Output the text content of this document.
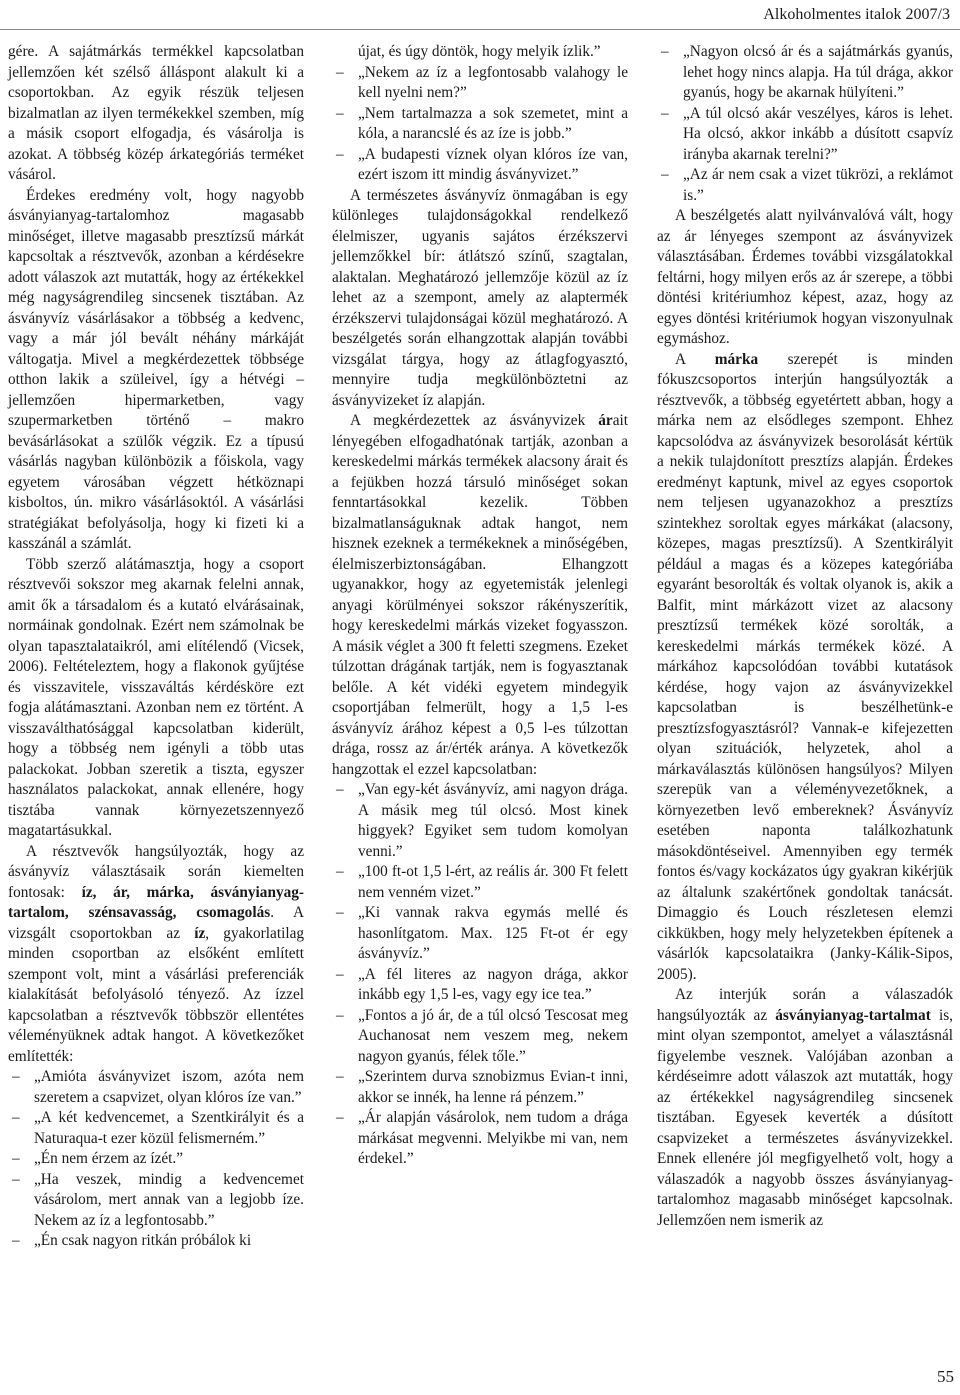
Alkoholmentes italok 2007/3

gére. A sajátmárkás termékkel kapcsolatban jellemzően két szélső álláspont alakult ki a csoportokban. Az egyik részük teljesen bizalmatlan az ilyen termékekkel szemben, míg a másik csoport elfogadja, és vásárolja is azokat. A többség közép árkategóriás terméket vásárol.

Érdekes eredmény volt, hogy nagyobb ásványianyag-tartalomhoz magasabb minőséget, illetve magasabb presztízsű márkát kapcsoltak a résztvevők, azonban a kérdésekre adott válaszok azt mutatták, hogy az értékekkel még nagyságrendileg sincsenek tisztában. Az ásványvíz vásárlásakor a többség a kedvenc, vagy a már jól bevált néhány márkáját váltogatja. Mivel a megkérdezettek többsége otthon lakik a szüleivel, így a hétvégi – jellemzően hipermarketben, vagy szupermarketben történő – makro bevásárlásokat a szülők végzik. Ez a típusú vásárlás nagyban különbözik a főiskola, vagy egyetem városában végzett hétköznapi kisboltos, ún. mikro vásárlásoktól. A vásárlási stratégiákat befolyásolja, hogy ki fizeti ki a kasszánál a számlát.

Több szerző alátámasztja, hogy a csoport résztvevői sokszor meg akarnak felelni annak, amit ők a társadalom és a kutató elvárásainak, normáinak gondolnak. Ezért nem számolnak be olyan tapasztalataikról, ami elítélendő (Vicsek, 2006). Feltételeztem, hogy a flakonok gyűjtése és visszavitele, visszaváltás kérdésköre ezt fogja alátámasztani. Azonban nem ez történt. A visszaválthatósággal kapcsolatban kiderült, hogy a többség nem igényli a több utas palackokat. Jobban szeretik a tiszta, egyszer használatos palackokat, annak ellenére, hogy tisztába vannak környezetszennyező magatartásukkal.

A résztvevők hangsúlyozták, hogy az ásványvíz választásaik során kiemelten fontosak: íz, ár, márka, ásványianyag-tartalom, szénsavasság, csomagolás. A vizsgált csoportokban az íz, gyakorlatilag minden csoportban az elsőként említett szempont volt, mint a vásárlási preferenciák kialakítását befolyásoló tényező. Az ízzel kapcsolatban a résztvevők többször ellentétes véleményüknek adtak hangot. A következőket említették:

– „Amióta ásványvizet iszom, azóta nem szeretem a csapvizet, olyan klóros íze van.”
– „A két kedvencemet, a Szentkirályit és a Naturaqua-t ezer közül felismerném.”
– „Én nem érzem az ízét.”
– „Ha veszek, mindig a kedvencemet vásárolom, mert annak van a legjobb íze. Nekem az íz a legfontosabb.”
– „Én csak nagyon ritkán próbálok ki

újat, és úgy döntök, hogy melyik ízlik.”

– „Nekem az íz a legfontosabb valahogy le kell nyelni nem?”
– „Nem tartalmazza a sok szemetet, mint a kóla, a narancslé és az íze is jobb.”
– „A budapesti víznek olyan klóros íze van, ezért iszom itt mindig ásványvizet.”

A természetes ásványvíz önmagában is egy különleges tulajdonságokkal rendelkező élelmiszer, ugyanis sajátos érzékszervi jellemzőkkel bír: átlátszó színű, szagtalan, alaktalan. Meghatározó jellemzője közül az íz lehet az a szempont, amely az alaptermék érzékszervi tulajdonságai közül meghatározó. A beszélgetés során elhangzottak alapján további vizsgálat tárgya, hogy az átlagfogyasztó, mennyire tudja megkülönböztetni az ásványvizeket íz alapján.

A megkérdezettek az ásványvizek árait lényegében elfogadhatónak tartják, azonban a kereskedelmi márkás termékek alacsony árait és a fejükben hozzá társuló minőséget sokan fenntartásokkal kezelik. Többen bizalmatlanságuknak adtak hangot, nem hisznek ezeknek a termékeknek a minőségében, élelmiszerbiztonságában. Elhangzott ugyanakkor, hogy az egyetemisták jelenlegi anyagi körülményei sokszor rákényszerítik, hogy kereskedelmi márkás vizeket fogyasszon. A másik véglet a 300 ft feletti szegmens. Ezeket túlzottan drágának tartják, nem is fogyasztanak belőle. A két vidéki egyetem mindegyik csoportjában felmerült, hogy a 1,5 l-es ásványvíz árához képest a 0,5 l-es túlzottan drága, rossz az ár/érték aránya. A következők hangzottak el ezzel kapcsolatban:

– „Van egy-két ásványvíz, ami nagyon drága. A másik meg túl olcsó. Most kinek higgyek? Egyiket sem tudom komolyan venni.”
– „100 ft-ot 1,5 l-ért, az reális ár. 300 Ft felett nem venném vizet.”
– „Ki vannak rakva egymás mellé és hasonlítgatom. Max. 125 Ft-ot ér egy ásványvíz.”
– „A fél literes az nagyon drága, akkor inkább egy 1,5 l-es, vagy egy ice tea.”
– „Fontos a jó ár, de a túl olcsó Tescosat meg Auchanosat nem veszem meg, nekem nagyon gyanús, félek tőle.”
– „Szerintem durva sznobizmus Evian-t inni, akkor se innék, ha lenne rá pénzem.”
– „Ár alapján vásárolok, nem tudom a drága márkásat megvenni. Melyikbe mi van, nem érdekel.”
– „Nagyon olcsó ár és a sajátmárkás gyanús, lehet hogy nincs alapja. Ha túl drága, akkor gyanús, hogy be akarnak hülyíteni.”
– „A túl olcsó akár veszélyes, káros is lehet. Ha olcsó, akkor inkább a dúsított csapvíz irányba akarnak terelni?”
– „Az ár nem csak a vizet tükrözi, a reklámot is.”

A beszélgetés alatt nyilvánvalóvá vált, hogy az ár lényeges szempont az ásványvizek választásában. Érdemes további vizsgálatokkal feltárni, hogy milyen erős az ár szerepe, a többi döntési kritériumhoz képest, azaz, hogy az egyes döntési kritériumok hogyan viszonyulnak egymáshoz.

A márka szerepét is minden fókuszcsoportos interjún hangsúlyozták a résztvevők, a többség egyetértett abban, hogy a márka nem az elsődleges szempont. Ehhez kapcsolódva az ásványvizek besorolását kértük a nekik tulajdonított presztízs alapján. Érdekes eredményt kaptunk, mivel az egyes csoportok nem teljesen ugyanazokhoz a presztízs szintekhez soroltak egyes márkákat (alacsony, közepes, magas presztízsű). A Szentkirályit például a magas és a közepes kategóriába egyaránt besorolták és voltak olyanok is, akik a Balfit, mint márkázott vizet az alacsony presztízsű termékek közé sorolták, a kereskedelmi márkás termékek közé. A márkához kapcsolódóan további kutatások kérdése, hogy vajon az ásványvizekkel kapcsolatban is beszélhetünk-e presztízsfogyasztásról? Vannak-e kifejezetten olyan szituációk, helyzetek, ahol a márkaválasztás különösen hangsúlyos? Milyen szerepük van a véleményvezetőknek, a környezetben levő embereknek? Ásványvíz esetében naponta találkozhatunk másokdöntéseivel. Amennyiben egy termék fontos és/vagy kockázatos úgy gyakran kikérjük az általunk szakértőnek gondoltak tanácsát. Dimaggio és Louch részletesen elemzi cikkükben, hogy mely helyzetekben építenek a vásárlók kapcsolataikra (Janky-Kálik-Sipos, 2005).

Az interjúk során a válaszadók hangsúlyozták az ásványianyag-tartalmat is, mint olyan szempontot, amelyet a választásnál figyelembe vesznek. Valójában azonban a kérdéseimre adott válaszok azt mutatták, hogy az értékekkel nagyságrendileg sincsenek tisztában. Egyesek keverték a dúsított csapvizeket a természetes ásványvizekkel. Ennek ellenére jól megfigyelhető volt, hogy a válaszadók a nagyobb összes ásványianyag-tartalomhoz magasabb minőséget kapcsolnak. Jellemzően nem ismerik az

55
